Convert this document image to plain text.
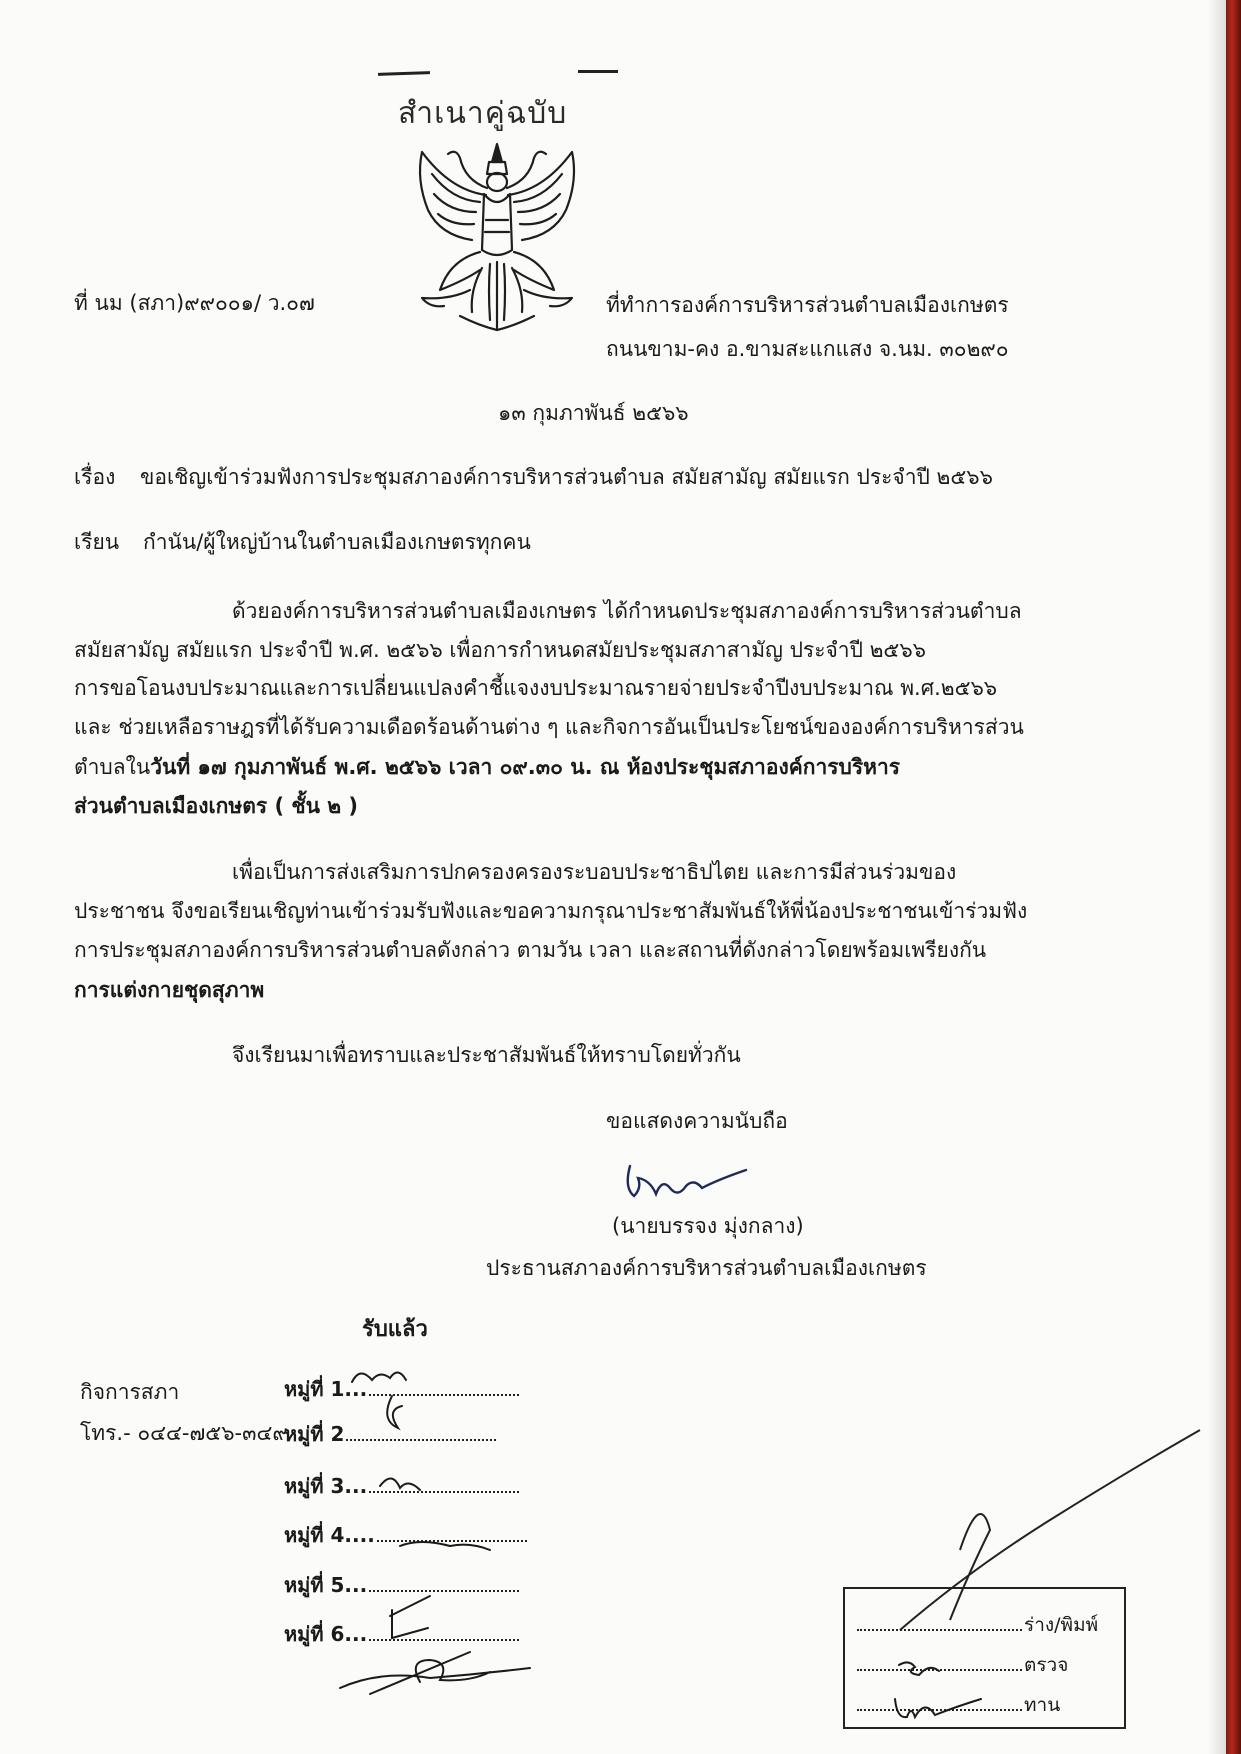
สำเนาคู่ฉบับ
ที่ นม (สภา)๙๙๐๐๑/ ว.๐๗	ที่ทำการองค์การบริหารส่วนตำบลเมืองเกษตร
ถนนขาม-คง อ.ขามสะแกแสง จ.นม. ๓๐๒๙๐
๑๓ กุมภาพันธ์ ๒๕๖๖
เรื่อง ขอเชิญเข้าร่วมฟังการประชุมสภาองค์การบริหารส่วนตำบล สมัยสามัญ สมัยแรก ประจำปี ๒๕๖๖
เรียน กำนัน/ผู้ใหญ่บ้านในตำบลเมืองเกษตรทุกคน
ด้วยองค์การบริหารส่วนตำบลเมืองเกษตร ได้กำหนดประชุมสภาองค์การบริหารส่วนตำบล
สมัยสามัญ สมัยแรก ประจำปี พ.ศ. ๒๕๖๖ เพื่อการกำหนดสมัยประชุมสภาสามัญ ประจำปี ๒๕๖๖
การขอโอนงบประมาณและการเปลี่ยนแปลงคำชี้แจงงบประมาณรายจ่ายประจำปีงบประมาณ พ.ศ.๒๕๖๖
และ ช่วยเหลือราษฎรที่ได้รับความเดือดร้อนด้านต่าง ๆ และกิจการอันเป็นประโยชน์ขององค์การบริหารส่วน
ตำบลในวันที่ ๑๗ กุมภาพันธ์ พ.ศ. ๒๕๖๖ เวลา ๐๙.๓๐ น. ณ ห้องประชุมสภาองค์การบริหาร
ส่วนตำบลเมืองเกษตร ( ชั้น ๒ )
เพื่อเป็นการส่งเสริมการปกครองครองระบอบประชาธิปไตย และการมีส่วนร่วมของ
ประชาชน จึงขอเรียนเชิญท่านเข้าร่วมรับฟังและขอความกรุณาประชาสัมพันธ์ให้พี่น้องประชาชนเข้าร่วมฟัง
การประชุมสภาองค์การบริหารส่วนตำบลดังกล่าว ตามวัน เวลา และสถานที่ดังกล่าวโดยพร้อมเพรียงกัน
การแต่งกายชุดสุภาพ
จึงเรียนมาเพื่อทราบและประชาสัมพันธ์ให้ทราบโดยทั่วกัน
ขอแสดงความนับถือ
(นายบรรจง มุ่งกลาง)
ประธานสภาองค์การบริหารส่วนตำบลเมืองเกษตร
กิจการสภา
โทร.- ๐๔๔-๗๕๖-๓๔๙
รับแล้ว
หมู่ที่ 1...
หมู่ที่ 2
หมู่ที่ 3...
หมู่ที่ 4....
หมู่ที่ 5...
หมู่ที่ 6...	ร่าง/พิมพ์
ตรวจ
ทาน
